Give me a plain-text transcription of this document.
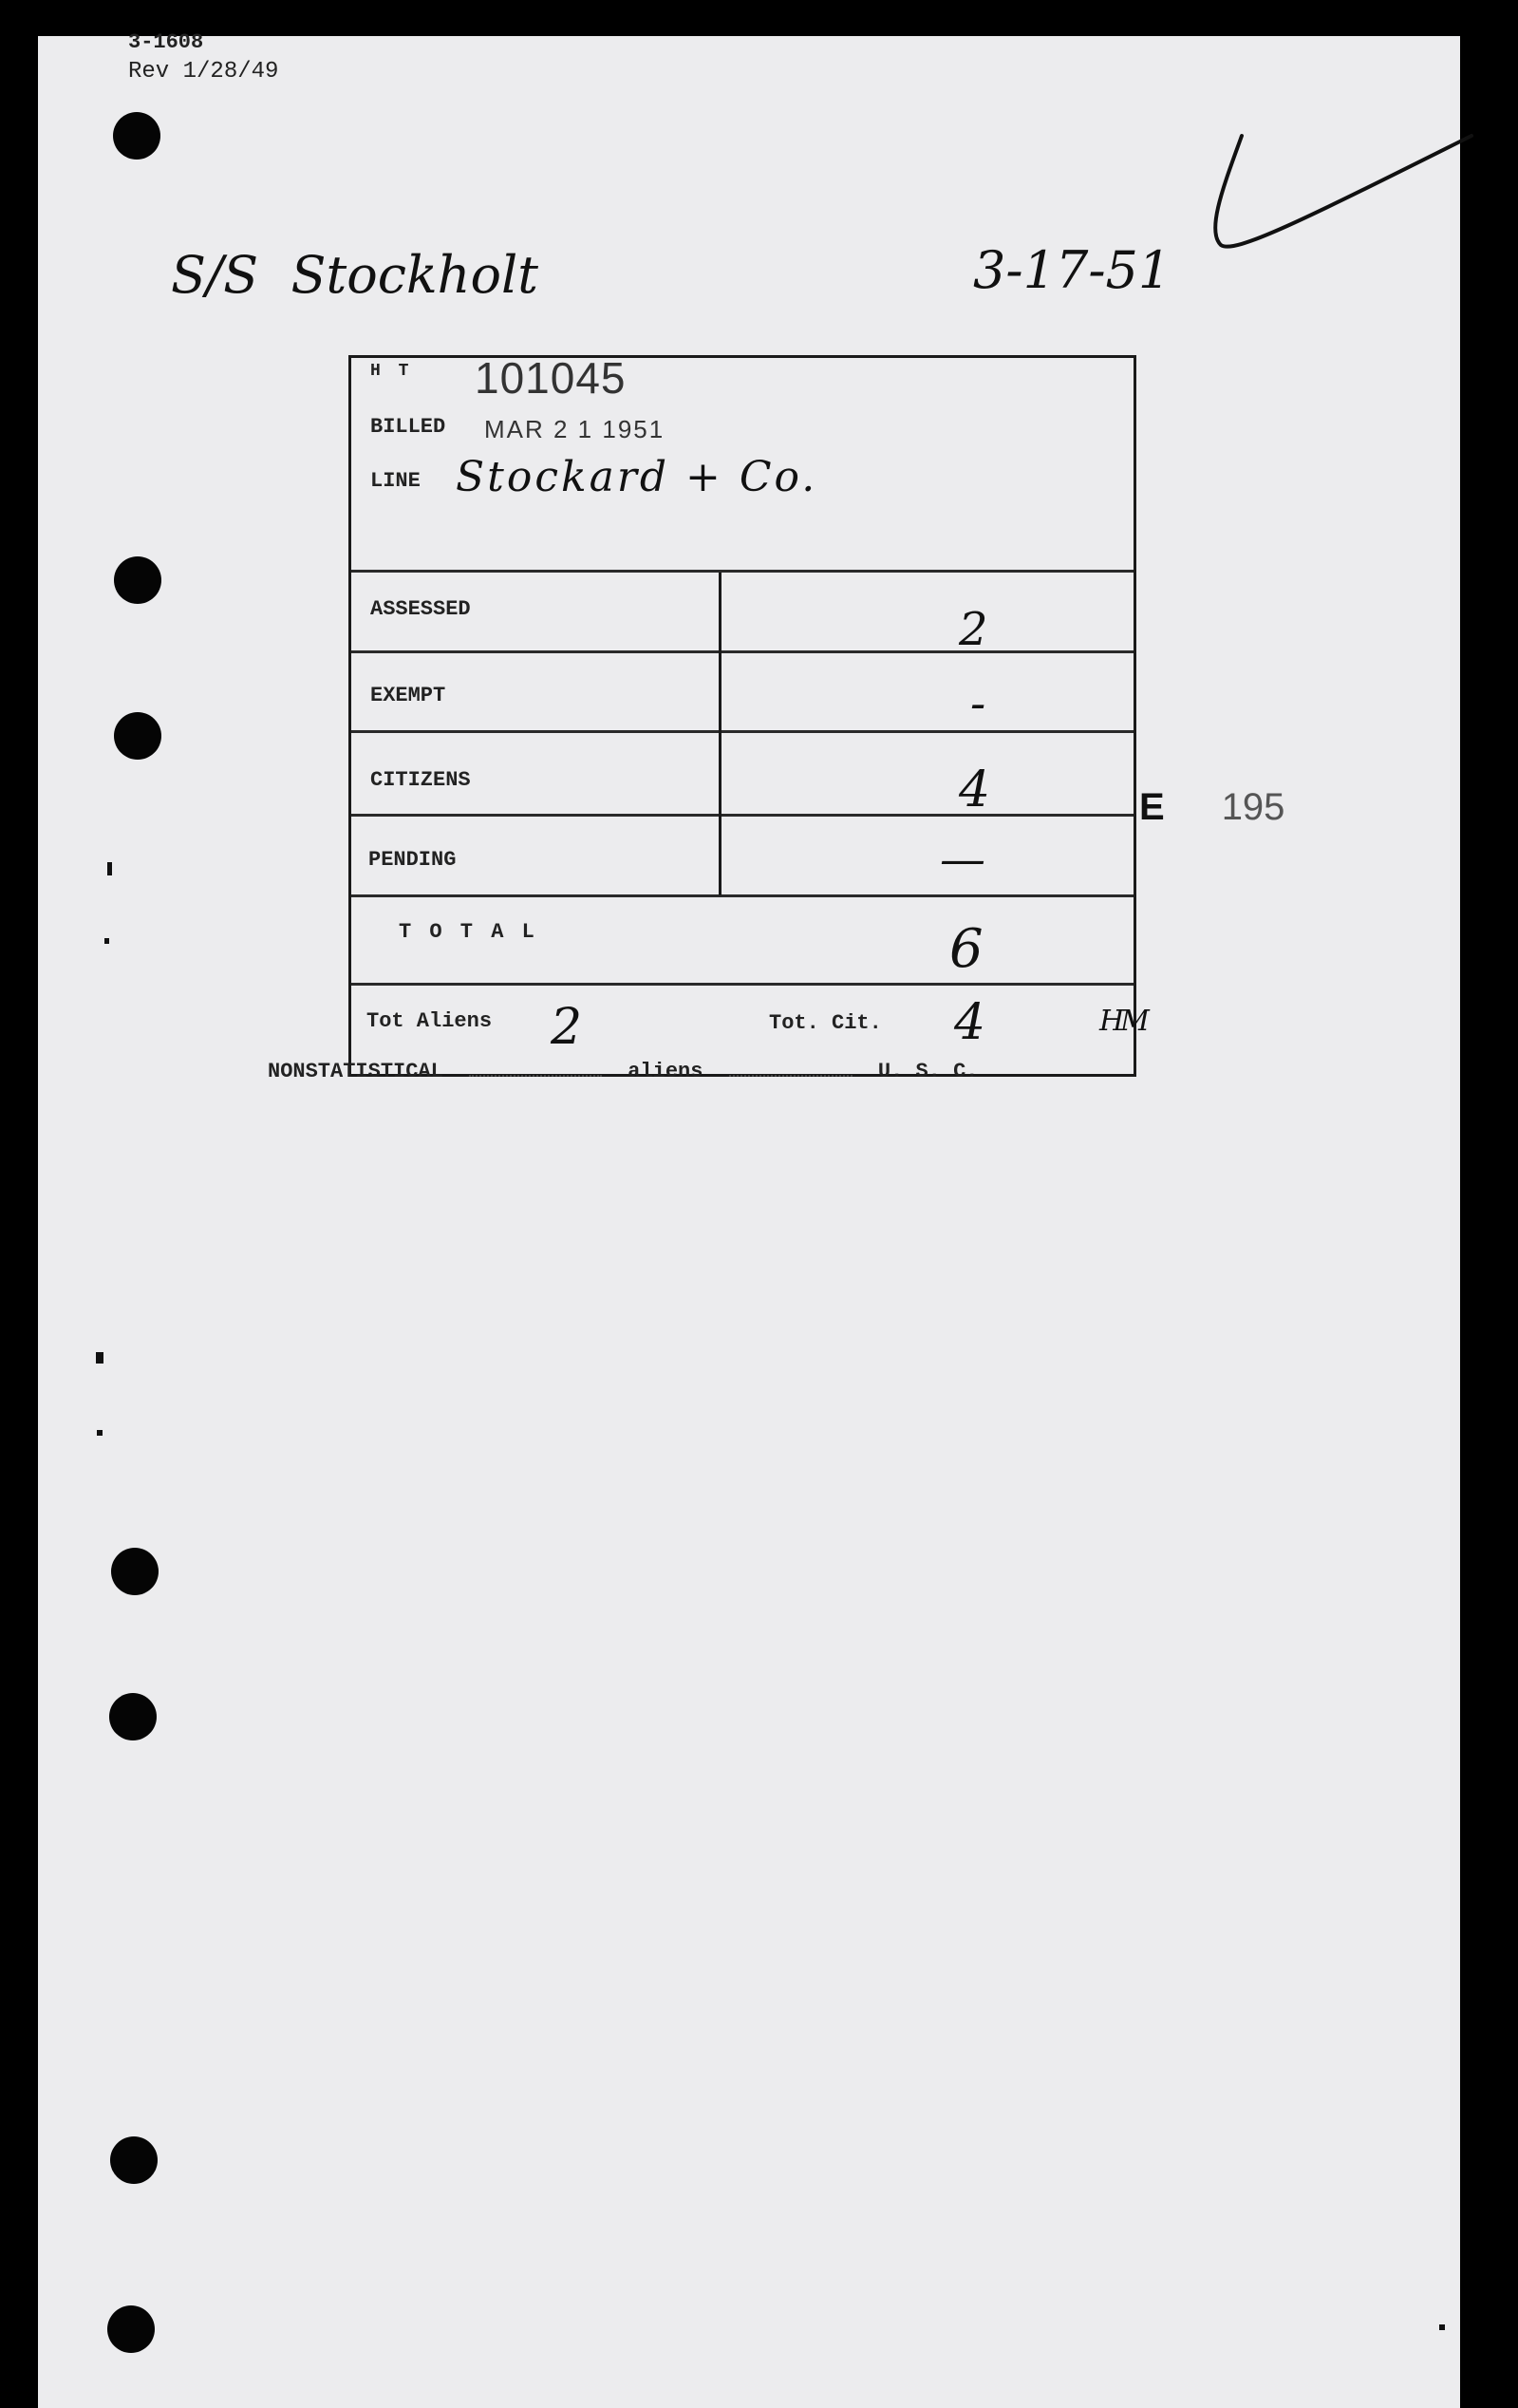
3-1608
Rev 1/28/49
S/S  Stockholt	3-17-51
H T 101045
BILLED MAR 2 1 1951
LINE Stockard + Co.
ASSESSED	2
EXEMPT	-
CITIZENS	4
PENDING	—
T O T A L	6
Tot Aliens 2	Tot. Cit. 4	HM
E 195
NONSTATISTICAL	aliens	U. S. C.
